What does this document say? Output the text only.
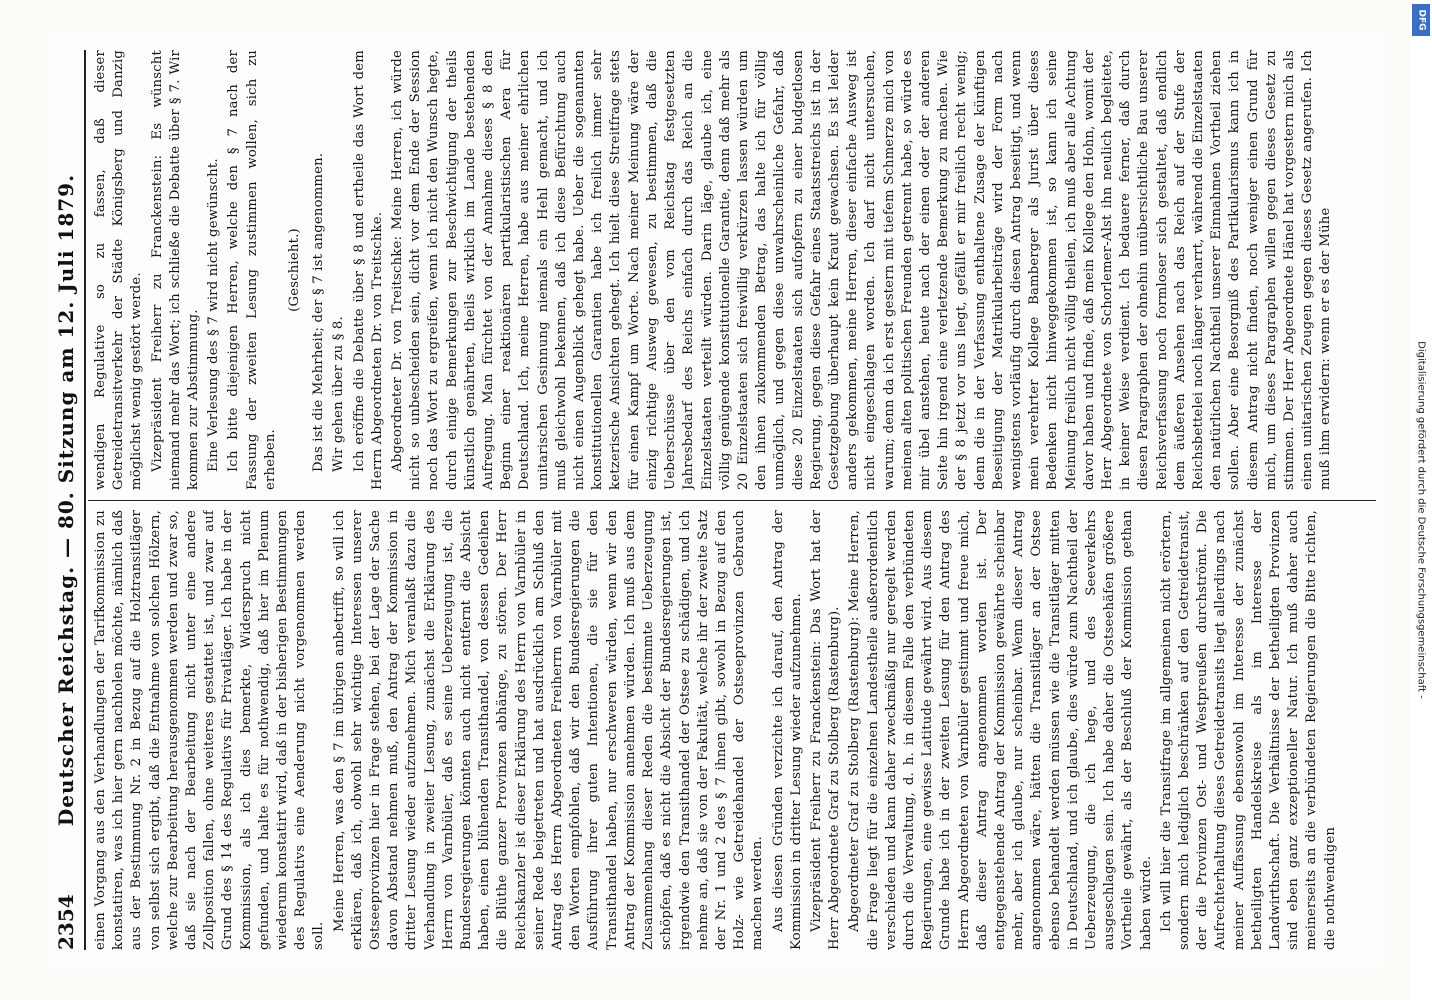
2354
Deutscher Reichstag. — 80. Sitzung am 12. Juli 1879. einen Vorgang aus den Verhandlungen der Tarifkommission zu konstatiren, was ich hier gern nachholen möchte, nämlich daß aus der Bestimmung Nr. 2 in Bezug auf die Holztransitläger von selbst sich ergibt, daß die Entnahme von solchen Hölzern, welche zur Bearbeitung herausgenommen werden und zwar so, daß sie nach der Bearbeitung nicht unter eine andere Zollposition fallen, ohne weiteres gestattet ist, und zwar auf Grund des § 14 des Regulativs für Privatläger. Ich habe in der Kommission, als ich dies bemerkte, Widerspruch nicht gefunden, und halte es für nothwendig, daß hier im Plenum wiederum konstatirt wird, daß in der bisherigen Bestimmungen des Regulativs eine Aenderung nicht vorgenommen werden soll.

Meine Herren, was den § 7 im übrigen anbetrifft, so will ich erklären, daß ich, obwohl sehr wichtige Interessen unserer Ostseeprovinzen hier in Frage stehen, bei der Lage der Sache davon Abstand nehmen muß, den Antrag der Kommission in dritter Lesung wieder aufzunehmen. Mich veranlaßt dazu die Verhandlung in zweiter Lesung, zunächst die Erklärung des Herrn von Varnbüler, daß es seine Ueberzeugung ist, die Bundesregierungen könnten auch nicht entfernt die Absicht haben, einen blühenden Transithandel, von dessen Gedeihen die Blüthe ganzer Provinzen abhänge, zu stören. Der Herr Reichskanzler ist dieser Erklärung des Herrn von Varnbüler in seiner Rede beigetreten und hat ausdrücklich am Schluß den Antrag des Herrn Abgeordneten Freiherrn von Varnbüler mit den Worten empfohlen, daß wir den Bundesregierungen die Ausführung ihrer guten Intentionen, die sie für den Transithandel haben, nur erschweren würden, wenn wir den Antrag der Kommission annehmen würden. Ich muß aus dem Zusammenhang dieser Reden die bestimmte Ueberzeugung schöpfen, daß es nicht die Absicht der Bundesregierungen ist, irgendwie den Transithandel der Ostsee zu schädigen, und ich nehme an, daß sie von der Fakultät, welche ihr der zweite Satz der Nr. 1 und 2 des § 7 ihnen gibt, sowohl in Bezug auf den Holz- wie Getreidehandel der Ostseeprovinzen Gebrauch machen werden. Aus diesen Gründen verzichte ich darauf, den Antrag der Kommission in dritter Lesung wieder aufzunehmen. Vizepräsident Freiherr zu Franckenstein: Das Wort hat der Herr Abgeordnete Graf zu Stolberg (Rastenburg). Abgeordneter Graf zu Stolberg (Rastenburg): Meine Herren, die Frage liegt für die einzelnen Landestheile außerordentlich verschieden und kann daher zweckmäßig nur geregelt werden durch die Verwaltung, d. h. in diesem Falle den verbündeten Regierungen, eine gewisse Latitude gewährt wird. Aus diesem Grunde habe ich in der zweiten Lesung für den Antrag des Herrn Abgeordneten von Varnbüler gestimmt und freue mich, daß dieser Antrag angenommen worden ist. Der entgegenstehende Antrag der Kommission gewährte scheinbar mehr, aber ich glaube, nur scheinbar. Wenn dieser Antrag angenommen wäre, hätten die Transitläger an der Ostsee ebenso behandelt werden müssen wie die Transitläger mitten in Deutschland, und ich glaube, dies würde zum Nachtheil der Ueberzeugung, die ich hege, und des Seeverkehrs ausgeschlagen sein. Ich habe daher die Ostseehäfen größere Vortheile gewährt, als der Beschluß der Kommission gethan haben würde. Ich will hier die Transitfrage im allgemeinen nicht erörtern, sondern mich lediglich beschränken auf den Getreidetransit, der die Provinzen Ost- und Westpreußen durchströmt. Die Aufrechterhaltung dieses Getreidetransits liegt allerdings nach meiner Auffassung ebensowohl im Interesse der zunächst betheiligten Handelskreise als im Interesse der Landwirthschaft. Die Verhältnisse der betheiligten Provinzen sind eben ganz exzeptioneller Natur. Ich muß daher auch meinerseits an die verbündeten Regierungen die Bitte richten, die nothwendigen

wendigen Regulative so zu fassen, daß dieser Getreidetransitverkehr der Städte Königsberg und Danzig möglichst wenig gestört werde. Vizepräsident Freiherr zu Franckenstein: Es wünscht niemand mehr das Wort; ich schließe die Debatte über § 7. Wir kommen zur Abstimmung. Eine Verlesung des § 7 wird nicht gewünscht. Ich bitte diejenigen Herren, welche den § 7 nach der Fassung der zweiten Lesung zustimmen wollen, sich zu erheben.

(Geschieht.) Das ist die Mehrheit; der § 7 ist angenommen. Wir gehen über zu § 8. Ich eröffne die Debatte über § 8 und ertheile das Wort dem Herrn Abgeordneten Dr. von Treitschke. Abgeordneter Dr. von Treitschke: Meine Herren, ich würde nicht so unbescheiden sein, dicht vor dem Ende der Session noch das Wort zu ergreifen, wenn ich nicht den Wunsch hegte, durch einige Bemerkungen zur Beschwichtigung der theils künstlich genährten, theils wirklich im Lande bestehenden Aufregung. Man fürchtet von der Annahme dieses § 8 den Beginn einer reaktionären partikularistischen Aera für Deutschland. Ich, meine Herren, habe aus meiner ehrlichen unitarischen Gesinnung niemals ein Hehl gemacht, und ich muß gleichwohl bekennen, daß ich diese Befürchtung auch nicht einen Augenblick gehegt habe. Ueber die sogenannten konstitutionellen Garantien habe ich freilich immer sehr ketzerische Ansichten gehegt. Ich hielt diese Streitfrage stets für einen Kampf um Worte. Nach meiner Meinung wäre der einzig richtige Ausweg gewesen, zu bestimmen, daß die Ueberschüsse über den vom Reichstag festgesetzten Jahresbedarf des Reichs einfach durch das Reich an die Einzelstaaten verteilt würden. Darin läge, glaube ich, eine völlig genügende konstitutionelle Garantie, denn daß mehr als 20 Einzelstaaten sich freiwillig verkürzen lassen würden um den ihnen zukommenden Betrag, das halte ich für völlig unmöglich, und gegen diese unwahrscheinliche Gefahr, daß diese 20 Einzelstaaten sich aufopfern zu einer budgetlosen Regierung, gegen diese Gefahr eines Staatsstreichs ist in der Gesetzgebung überhaupt kein Kraut gewachsen. Es ist leider anders gekommen, meine Herren, dieser einfache Ausweg ist nicht eingeschlagen worden. Ich darf nicht untersuchen, warum; denn da ich erst gestern mit tiefem Schmerze mich von meinen alten politischen Freunden getrennt habe, so würde es mir übel anstehen, heute nach der einen oder der anderen Seite hin irgend eine verletzende Bemerkung zu machen. Wie der § 8 jetzt vor uns liegt, gefällt er mir freilich recht wenig; denn die in der Verfassung enthaltene Zusage der künftigen Beseitigung der Matrikularbeiträge wird der Form nach wenigstens vorläufig durch diesen Antrag beseitigt, und wenn mein verehrter Kollege Bamberger als Jurist über dieses Bedenken nicht hinweggekommen ist, so kann ich seine Meinung freilich nicht völlig theilen, ich muß aber alle Achtung davor haben und finde, daß mein Kollege den Hohn, womit der Herr Abgeordnete von Schorlemer-Alst ihn neulich begleitete, in keiner Weise verdient. Ich bedauere ferner, daß durch diesen Paragraphen der ohnehin unübersichtliche Bau unserer Reichsverfassung noch formloser sich gestaltet, daß endlich dem äußeren Ansehen nach das Reich auf der Stufe der Reichsbettelei noch länger verharrt, während die Einzelstaaten den natürlichen Nachtheil unserer Einnahmen Vortheil ziehen sollen. Aber eine Besorgniß des Partikularismus kann ich in diesem Antrag nicht finden, noch weniger einen Grund für mich, um dieses Paragraphen willen gegen dieses Gesetz zu stimmen. Der Herr Abgeordnete Hänel hat vorgestern mich als einen unitarischen Zeugen gegen dieses Gesetz angerufen. Ich muß ihm erwidern: wenn er es der Mühe

DFG
Digitalisierung gefördert durch die Deutsche Forschungsgemeinschaft -
